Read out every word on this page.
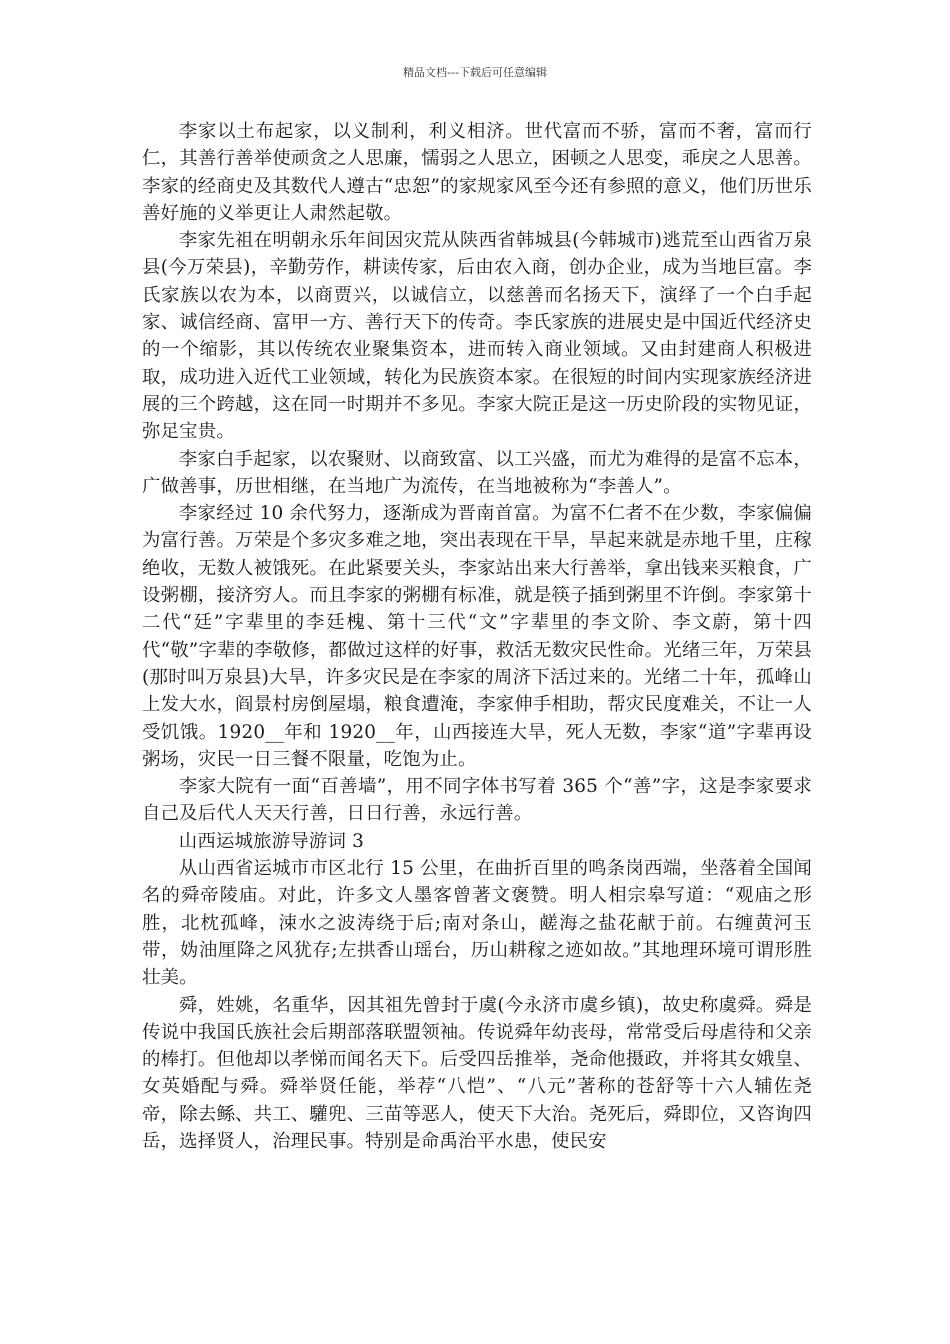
精品文档---下载后可任意编辑

李家以土布起家，以义制利，利义相济。世代富而不骄，富而不奢，富而行仁，其善行善举使顽贪之人思廉，懦弱之人思立，困顿之人思变，乖戾之人思善。李家的经商史及其数代人遵古“忠恕”的家规家风至今还有参照的意义，他们历世乐善好施的义举更让人肃然起敬。

李家先祖在明朝永乐年间因灾荒从陕西省韩城县(今韩城市)逃荒至山西省万泉县(今万荣县)，辛勤劳作，耕读传家，后由农入商，创办企业，成为当地巨富。李氏家族以农为本，以商贾兴，以诚信立，以慈善而名扬天下，演绎了一个白手起家、诚信经商、富甲一方、善行天下的传奇。李氏家族的进展史是中国近代经济史的一个缩影，其以传统农业聚集资本，进而转入商业领域。又由封建商人积极进取，成功进入近代工业领域，转化为民族资本家。在很短的时间内实现家族经济进展的三个跨越，这在同一时期并不多见。李家大院正是这一历史阶段的实物见证，弥足宝贵。

李家白手起家，以农聚财、以商致富、以工兴盛，而尤为难得的是富不忘本，广做善事，历世相继，在当地广为流传，在当地被称为“李善人”。

李家经过 10 余代努力，逐渐成为晋南首富。为富不仁者不在少数，李家偏偏为富行善。万荣是个多灾多难之地，突出表现在干旱，旱起来就是赤地千里，庄稼绝收，无数人被饿死。在此紧要关头，李家站出来大行善举，拿出钱来买粮食，广设粥棚，接济穷人。而且李家的粥棚有标准，就是筷子插到粥里不许倒。李家第十二代“廷”字辈里的李廷槐、第十三代“文”字辈里的李文阶、李文蔚，第十四代“敬”字辈的李敬修，都做过这样的好事，救活无数灾民性命。光绪三年，万荣县(那时叫万泉县)大旱，许多灾民是在李家的周济下活过来的。光绪二十年，孤峰山上发大水，阎景村房倒屋塌，粮食遭淹，李家伸手相助，帮灾民度难关，不让一人受饥饿。1920__年和 1920__年，山西接连大旱，死人无数，李家“道”字辈再设粥场，灾民一日三餐不限量，吃饱为止。

李家大院有一面“百善墙”，用不同字体书写着 365 个“善”字，这是李家要求自己及后代人天天行善，日日行善，永远行善。

山西运城旅游导游词 3

从山西省运城市市区北行 15 公里，在曲折百里的鸣条岗西端，坐落着全国闻名的舜帝陵庙。对此，许多文人墨客曾著文褒赞。明人相宗皋写道：“观庙之形胜，北枕孤峰，涑水之波涛绕于后;南对条山，鹾海之盐花献于前。右缠黄河玉带，妫油厘降之风犹存;左拱香山瑶台，历山耕稼之迹如故。”其地理环境可谓形胜壮美。

舜，姓姚，名重华，因其祖先曾封于虞(今永济市虞乡镇)，故史称虞舜。舜是传说中我国氏族社会后期部落联盟领袖。传说舜年幼丧母，常常受后母虐待和父亲的棒打。但他却以孝悌而闻名天下。后受四岳推举，尧命他摄政，并将其女娥皇、女英婚配与舜。舜举贤任能，举荐“八恺”、“八元”著称的苍舒等十六人辅佐尧帝，除去鲧、共工、驩兜、三苗等恶人，使天下大治。尧死后，舜即位，又咨询四岳，选择贤人，治理民事。特别是命禹治平水患，使民安
